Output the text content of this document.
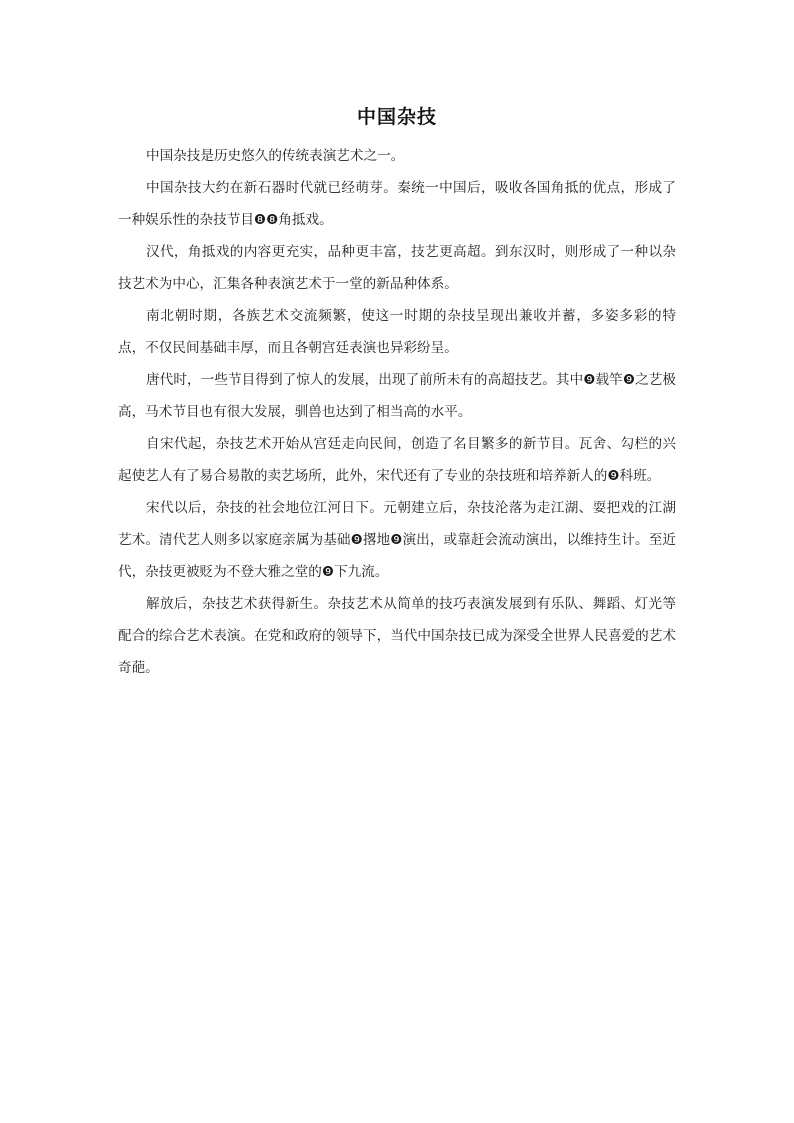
中国杂技

中国杂技是历史悠久的传统表演艺术之一。

中国杂技大约在新石器时代就已经萌芽。秦统一中国后，吸收各国角抵的优点，形成了一种娱乐性的杂技节目❽❽角抵戏。

汉代，角抵戏的内容更充实，品种更丰富，技艺更高超。到东汉时，则形成了一种以杂技艺术为中心，汇集各种表演艺术于一堂的新品种体系。

南北朝时期，各族艺术交流频繁，使这一时期的杂技呈现出兼收并蓄，多姿多彩的特点，不仅民间基础丰厚，而且各朝宫廷表演也异彩纷呈。

唐代时，一些节目得到了惊人的发展，出现了前所未有的高超技艺。其中❾载竿❾之艺极高，马术节目也有很大发展，驯兽也达到了相当高的水平。

自宋代起，杂技艺术开始从宫廷走向民间，创造了名目繁多的新节目。瓦舍、勾栏的兴起使艺人有了易合易散的卖艺场所，此外，宋代还有了专业的杂技班和培养新人的❾科班。

宋代以后，杂技的社会地位江河日下。元朝建立后，杂技沦落为走江湖、耍把戏的江湖艺术。清代艺人则多以家庭亲属为基础❾撂地❾演出，或靠赶会流动演出，以维持生计。至近代，杂技更被贬为不登大雅之堂的❾下九流。

解放后，杂技艺术获得新生。杂技艺术从简单的技巧表演发展到有乐队、舞蹈、灯光等配合的综合艺术表演。在党和政府的领导下，当代中国杂技已成为深受全世界人民喜爱的艺术奇葩。
